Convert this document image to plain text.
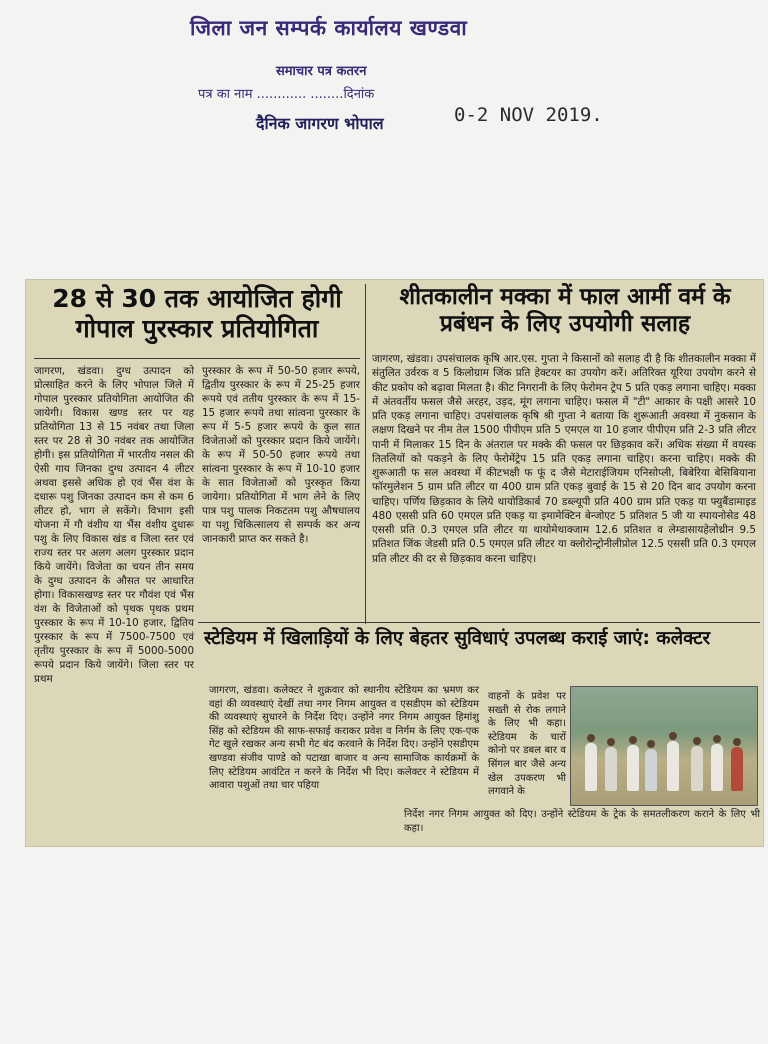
जिला जन सम्पर्क कार्यालय खण्डवा
समाचार पत्र कतरन
पत्र का नाम ............ ........दिनांक
0-2 NOV 2019.
दैनिक जागरण भोपाल
28 से 30 तक आयोजित होगी गोपाल पुरस्कार प्रतियोगिता
जागरण, खंडवा। दुग्ध उत्पादन को प्रोत्साहित करने के लिए भोपाल जिले में गोपाल पुरस्कार प्रतियोगिता आयोजित की जायेगी। विकास खण्ड स्तर पर यह प्रतियोगिता 13 से 15 नवंबर तथा जिला स्तर पर 28 से 30 नवंबर तक आयोजित होगी। इस प्रतियोगिता में भारतीय नसल की ऐसी गाय जिनका दुग्ध उत्पादन 4 लीटर अथवा इससे अधिक हो एवं भैंस वंश के दधारू पशु जिनका उत्पादन कम से कम 6 लीटर हो, भाग ले सकेंगे। विभाग इसी योजना में गौ वंशीय या भैंस वंशीय दुधारू पशु के लिए विकास खंड व जिला स्तर एवं राज्य स्तर पर अलग अलग पुरस्कार प्रदान किये जायेंगे। विजेता का चयन तीन समय के दुग्ध उत्पादन के औसत पर आधारित होगा। विकासखण्ड स्तर पर गौवंश एवं भैंस वंश के विजेताओं को पृथक पृथक प्रथम पुरस्कार के रूप में 10-10 हजार, द्वितिय पुरस्कार के रूप में 7500-7500 एवं तृतीय पुरस्कार के रूप में 5000-5000 रूपये प्रदान किये जायेंगे। जिला स्तर पर प्रथम
पुरस्कार के रूप में 50-50 हजार रूपये, द्वितीय पुरस्कार के रूप में 25-25 हजार रूपये एवं ततीय पुरस्कार के रूप में 15-15 हजार रूपये तथा सांत्वना पुरस्कार के रूप में 5-5 हजार रूपये के कुल सात विजेताओं को पुरस्कार प्रदान किये जायेंगे। के रूप में 50-50 हजार रूपये तथा सांत्वना पुरस्कार के रूप में 10-10 हजार के सात विजेताओं को पुरस्कृत किया जायेगा। प्रतियोगिता में भाग लेने के लिए पात्र पशु पालक निकटतम पशु औषधालय या पशु चिकित्सालय से सम्पर्क कर अन्य जानकारी प्राप्त कर सकते है।
शीतकालीन मक्का में फाल आर्मी वर्म के प्रबंधन के लिए उपयोगी सलाह
जागरण, खंडवा। उपसंचालक कृषि आर.एस. गुप्ता ने किसानों को सलाह दी है कि शीतकालीन मक्का में संतुलित उर्वरक व 5 किलोग्राम जिंक प्रति हेक्टयर का उपयोग करें। अतिरिक्त यूरिया उपयोग करने से कीट प्रकोप को बढ़ावा मिलता है। कीट निगरानी के लिए फेरोमन ट्रेप 5 प्रति एकड़ लगाना चाहिए। मक्का में अंतवर्तीय फसल जैसे अरहर, उड़द, मूंग लगाना चाहिए। फसल में "टी" आकार के पक्षी आसरे 10 प्रति एकड़ लगाना चाहिए। उपसंचालक कृषि श्री गुप्ता ने बताया कि शुरूआती अवस्था में नुकसान के लक्षण दिखने पर नीम तेल 1500 पीपीएम प्रति 5 एमएल या 10 हजार पीपीएम प्रति 2-3 प्रति लीटर पानी में मिलाकर 15 दिन के अंतराल पर मक्के की फसल पर छिड़काव करें। अधिक संख्या में वयस्क तितलियों को पकड़ने के लिए फेरोमेंट्रेप 15 प्रति एकड़ लगाना चाहिए। करना चाहिए। मक्के की शुरूआती फ सल अवस्था में कीटभक्षी फ फूं द जैसे मेटाराईजियम एनिसोप्ली, बिबेरिया बेसिबियाना फॉरमुलेशन 5 ग्राम प्रति लीटर या 400 ग्राम प्रति एकड़ बुवाई के 15 से 20 दिन बाद उपयोग करना चाहिए। पर्णिय छिड़काव के लिये थायोडिकार्ब 70 डब्ल्यूपी प्रति 400 ग्राम प्रति एकड़ या फ्युबैंडामाइड 480 एससी प्रति 60 एमएल प्रति एकड़ या इमामेक्टिन बेन्जोएट 5 प्रतिशत 5 जी या स्पायनोसेड 48 एससी प्रति 0.3 एमएल प्रति लीटर या थायोमेथाक्जाम 12.6 प्रतिशत व लेम्डासायहेलोथ्रीन 9.5 प्रतिशत जिंक जेडसी प्रति 0.5 एमएल प्रति लीटर या क्लोरोन्ट्रोनीलीप्रोल 12.5 एससी प्रति 0.3 एमएल प्रति लीटर की दर से छिड़काव करना चाहिए।
स्टेडियम में खिलाड़ियों के लिए बेहतर सुविधाएं उपलब्ध कराई जाएं: कलेक्टर
जागरण, खंडवा। कलेक्टर ने शुक्रवार को स्थानीय स्टेडियम का भ्रमण कर वहां की व्यवस्थाएं देखीं तथा नगर निगम आयुक्त व एसडीएम को स्टेडियम की व्यवस्थाएं सुधारने के निर्देश दिए। उन्होंने नगर निगम आयुक्त हिमांशु सिंह को स्टेडियम की साफ-सफाई कराकर प्रवेश व निर्गम के लिए एक-एक गेट खुले रखकर अन्य सभी गेट बंद करवाने के निर्देश दिए। उन्होंने एसडीएम खण्डवा संजीव पाण्डे को पटाखा बाजार व अन्य सामाजिक कार्यक्रमों के लिए स्टेडियम आवंटित न करने के निर्देश भी दिए। कलेक्टर ने स्टेडियम में आवारा पशुओं तथा चार पहिया
वाहनों के प्रवेश पर सख्ती से रोक लगाने के लिए भी कहा। स्टेडियम के चारों कोनो पर डबल बार व सिंगल बार जैसे अन्य खेल उपकरण भी लगवाने के
निर्देश नगर निगम आयुक्त को दिए। उन्होंने स्टेडियम के ट्रेक के समतलीकरण कराने के लिए भी कहा।
